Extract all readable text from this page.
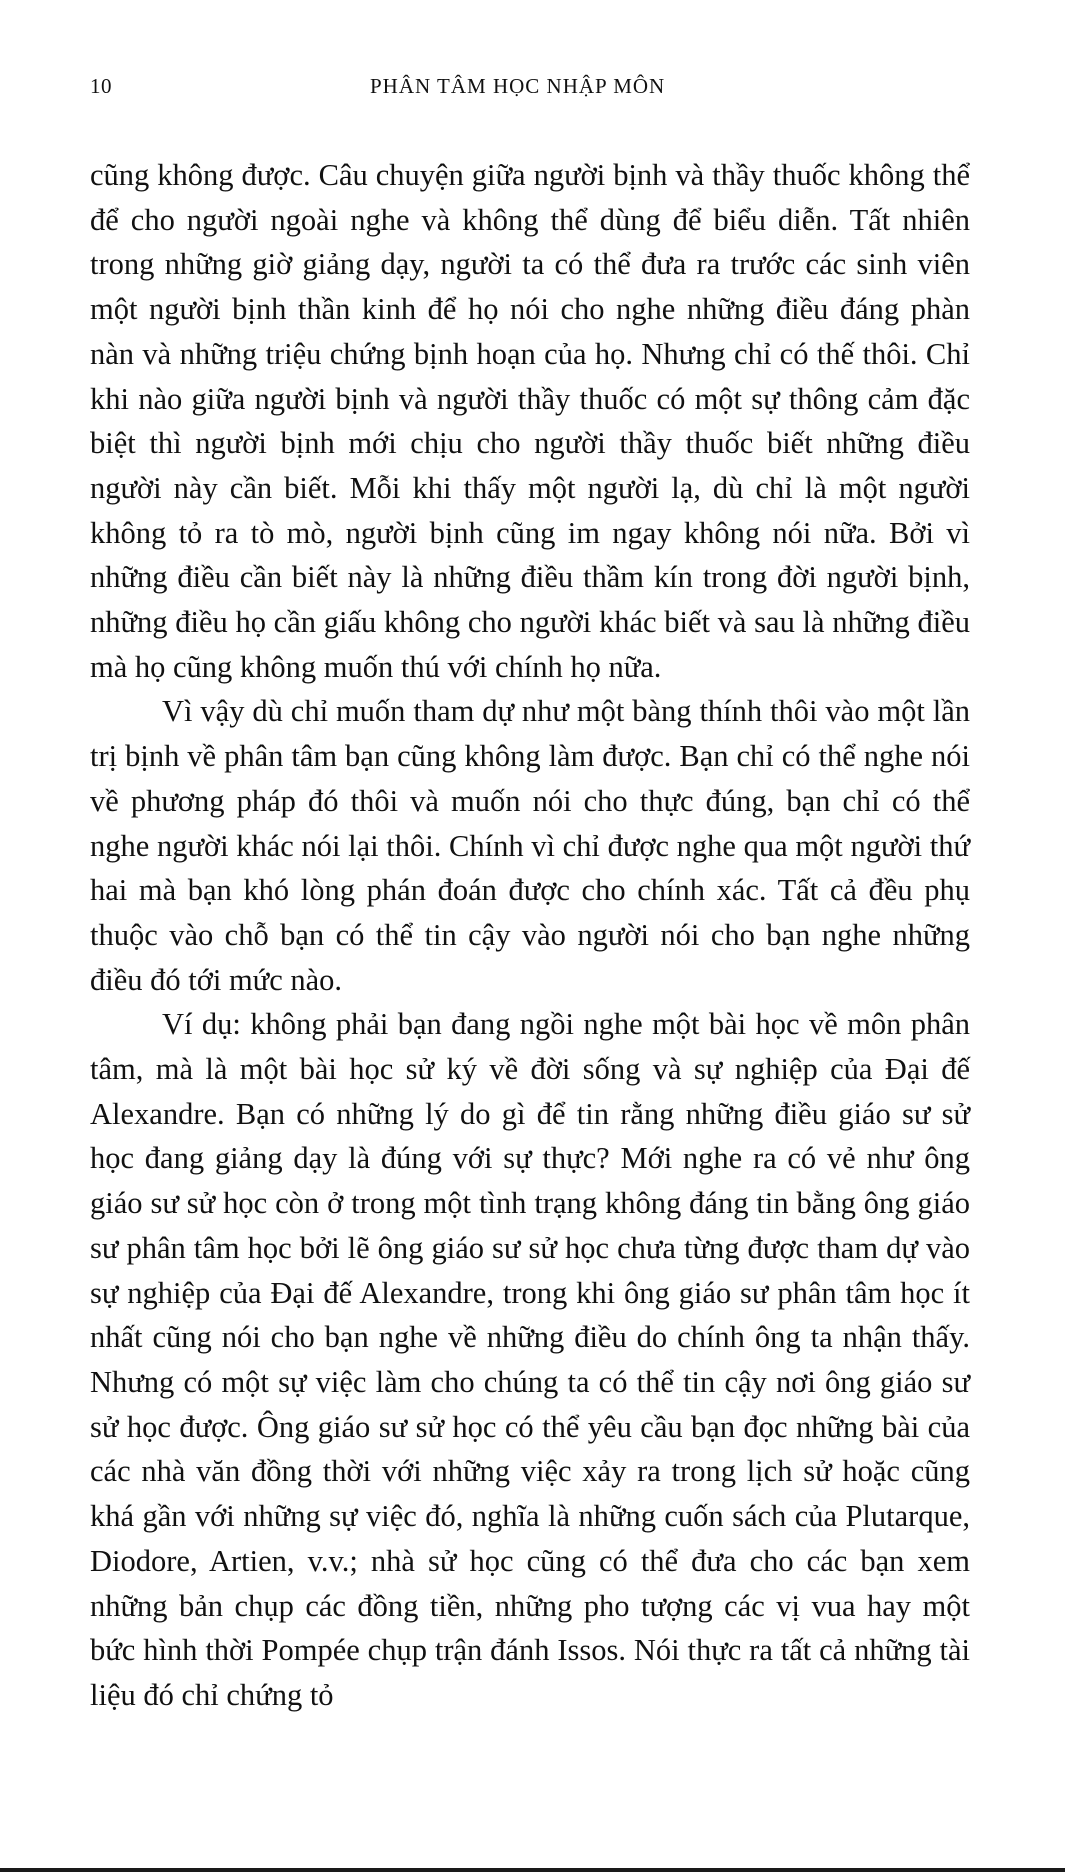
10	PHÂN TÂM HỌC NHẬP MÔN

cũng không được. Câu chuyện giữa người bịnh và thầy thuốc không thể để cho người ngoài nghe và không thể dùng để biểu diễn. Tất nhiên trong những giờ giảng dạy, người ta có thể đưa ra trước các sinh viên một người bịnh thần kinh để họ nói cho nghe những điều đáng phàn nàn và những triệu chứng bịnh hoạn của họ. Nhưng chỉ có thế thôi. Chỉ khi nào giữa người bịnh và người thầy thuốc có một sự thông cảm đặc biệt thì người bịnh mới chịu cho người thầy thuốc biết những điều người này cần biết. Mỗi khi thấy một người lạ, dù chỉ là một người không tỏ ra tò mò, người bịnh cũng im ngay không nói nữa. Bởi vì những điều cần biết này là những điều thầm kín trong đời người bịnh, những điều họ cần giấu không cho người khác biết và sau là những điều mà họ cũng không muốn thú với chính họ nữa.

Vì vậy dù chỉ muốn tham dự như một bàng thính thôi vào một lần trị bịnh về phân tâm bạn cũng không làm được. Bạn chỉ có thể nghe nói về phương pháp đó thôi và muốn nói cho thực đúng, bạn chỉ có thể nghe người khác nói lại thôi. Chính vì chỉ được nghe qua một người thứ hai mà bạn khó lòng phán đoán được cho chính xác. Tất cả đều phụ thuộc vào chỗ bạn có thể tin cậy vào người nói cho bạn nghe những điều đó tới mức nào.

Ví dụ: không phải bạn đang ngồi nghe một bài học về môn phân tâm, mà là một bài học sử ký về đời sống và sự nghiệp của Đại đế Alexandre. Bạn có những lý do gì để tin rằng những điều giáo sư sử học đang giảng dạy là đúng với sự thực? Mới nghe ra có vẻ như ông giáo sư sử học còn ở trong một tình trạng không đáng tin bằng ông giáo sư phân tâm học bởi lẽ ông giáo sư sử học chưa từng được tham dự vào sự nghiệp của Đại đế Alexandre, trong khi ông giáo sư phân tâm học ít nhất cũng nói cho bạn nghe về những điều do chính ông ta nhận thấy. Nhưng có một sự việc làm cho chúng ta có thể tin cậy nơi ông giáo sư sử học được. Ông giáo sư sử học có thể yêu cầu bạn đọc những bài của các nhà văn đồng thời với những việc xảy ra trong lịch sử hoặc cũng khá gần với những sự việc đó, nghĩa là những cuốn sách của Plutarque, Diodore, Artien, v.v.; nhà sử học cũng có thể đưa cho các bạn xem những bản chụp các đồng tiền, những pho tượng các vị vua hay một bức hình thời Pompée chụp trận đánh Issos. Nói thực ra tất cả những tài liệu đó chỉ chứng tỏ
